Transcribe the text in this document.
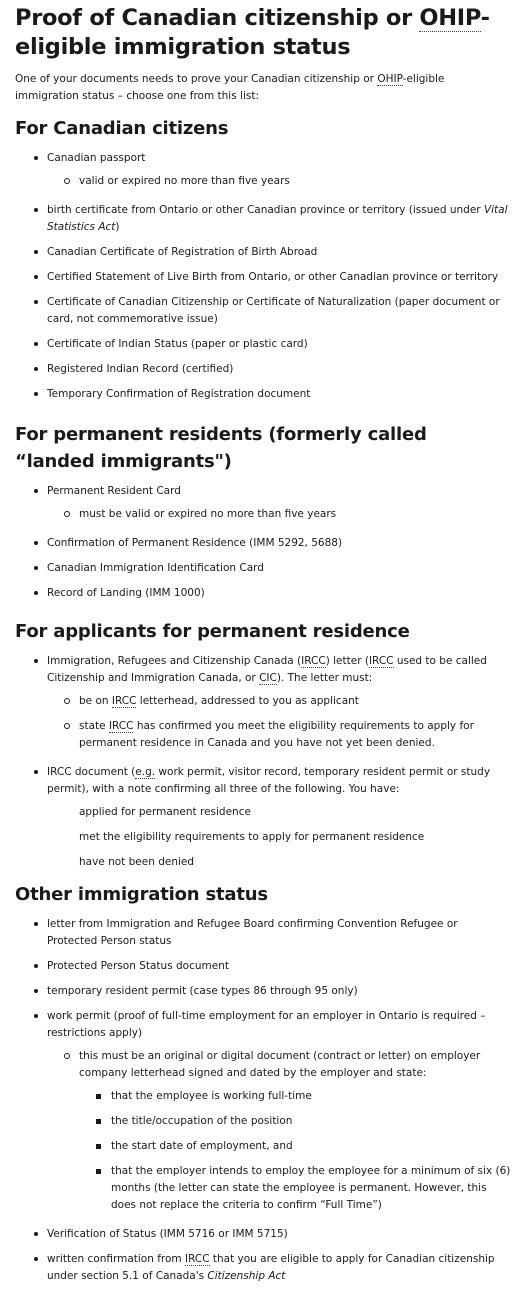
Proof of Canadian citizenship or OHIP-eligible immigration status

One of your documents needs to prove your Canadian citizenship or OHIP-eligible immigration status – choose one from this list:

For Canadian citizens
Canadian passport
valid or expired no more than five years
birth certificate from Ontario or other Canadian province or territory (issued under Vital Statistics Act)
Canadian Certificate of Registration of Birth Abroad
Certified Statement of Live Birth from Ontario, or other Canadian province or territory
Certificate of Canadian Citizenship or Certificate of Naturalization (paper document or card, not commemorative issue)
Certificate of Indian Status (paper or plastic card)
Registered Indian Record (certified)
Temporary Confirmation of Registration document
For permanent residents (formerly called “landed immigrants")
Permanent Resident Card
must be valid or expired no more than five years
Confirmation of Permanent Residence (IMM 5292, 5688)
Canadian Immigration Identification Card
Record of Landing (IMM 1000)
For applicants for permanent residence
Immigration, Refugees and Citizenship Canada (IRCC) letter (IRCC used to be called Citizenship and Immigration Canada, or CIC). The letter must:
be on IRCC letterhead, addressed to you as applicant
state IRCC has confirmed you meet the eligibility requirements to apply for permanent residence in Canada and you have not yet been denied.
IRCC document (e.g. work permit, visitor record, temporary resident permit or study permit), with a note confirming all three of the following. You have:
applied for permanent residence
met the eligibility requirements to apply for permanent residence
have not been denied
Other immigration status
letter from Immigration and Refugee Board confirming Convention Refugee or Protected Person status
Protected Person Status document
temporary resident permit (case types 86 through 95 only)
work permit (proof of full-time employment for an employer in Ontario is required – restrictions apply)
this must be an original or digital document (contract or letter) on employer company letterhead signed and dated by the employer and state:
that the employee is working full-time
the title/occupation of the position
the start date of employment, and
that the employer intends to employ the employee for a minimum of six (6) months (the letter can state the employee is permanent. However, this does not replace the criteria to confirm “Full Time”)
Verification of Status (IMM 5716 or IMM 5715)
written confirmation from IRCC that you are eligible to apply for Canadian citizenship under section 5.1 of Canada's Citizenship Act
